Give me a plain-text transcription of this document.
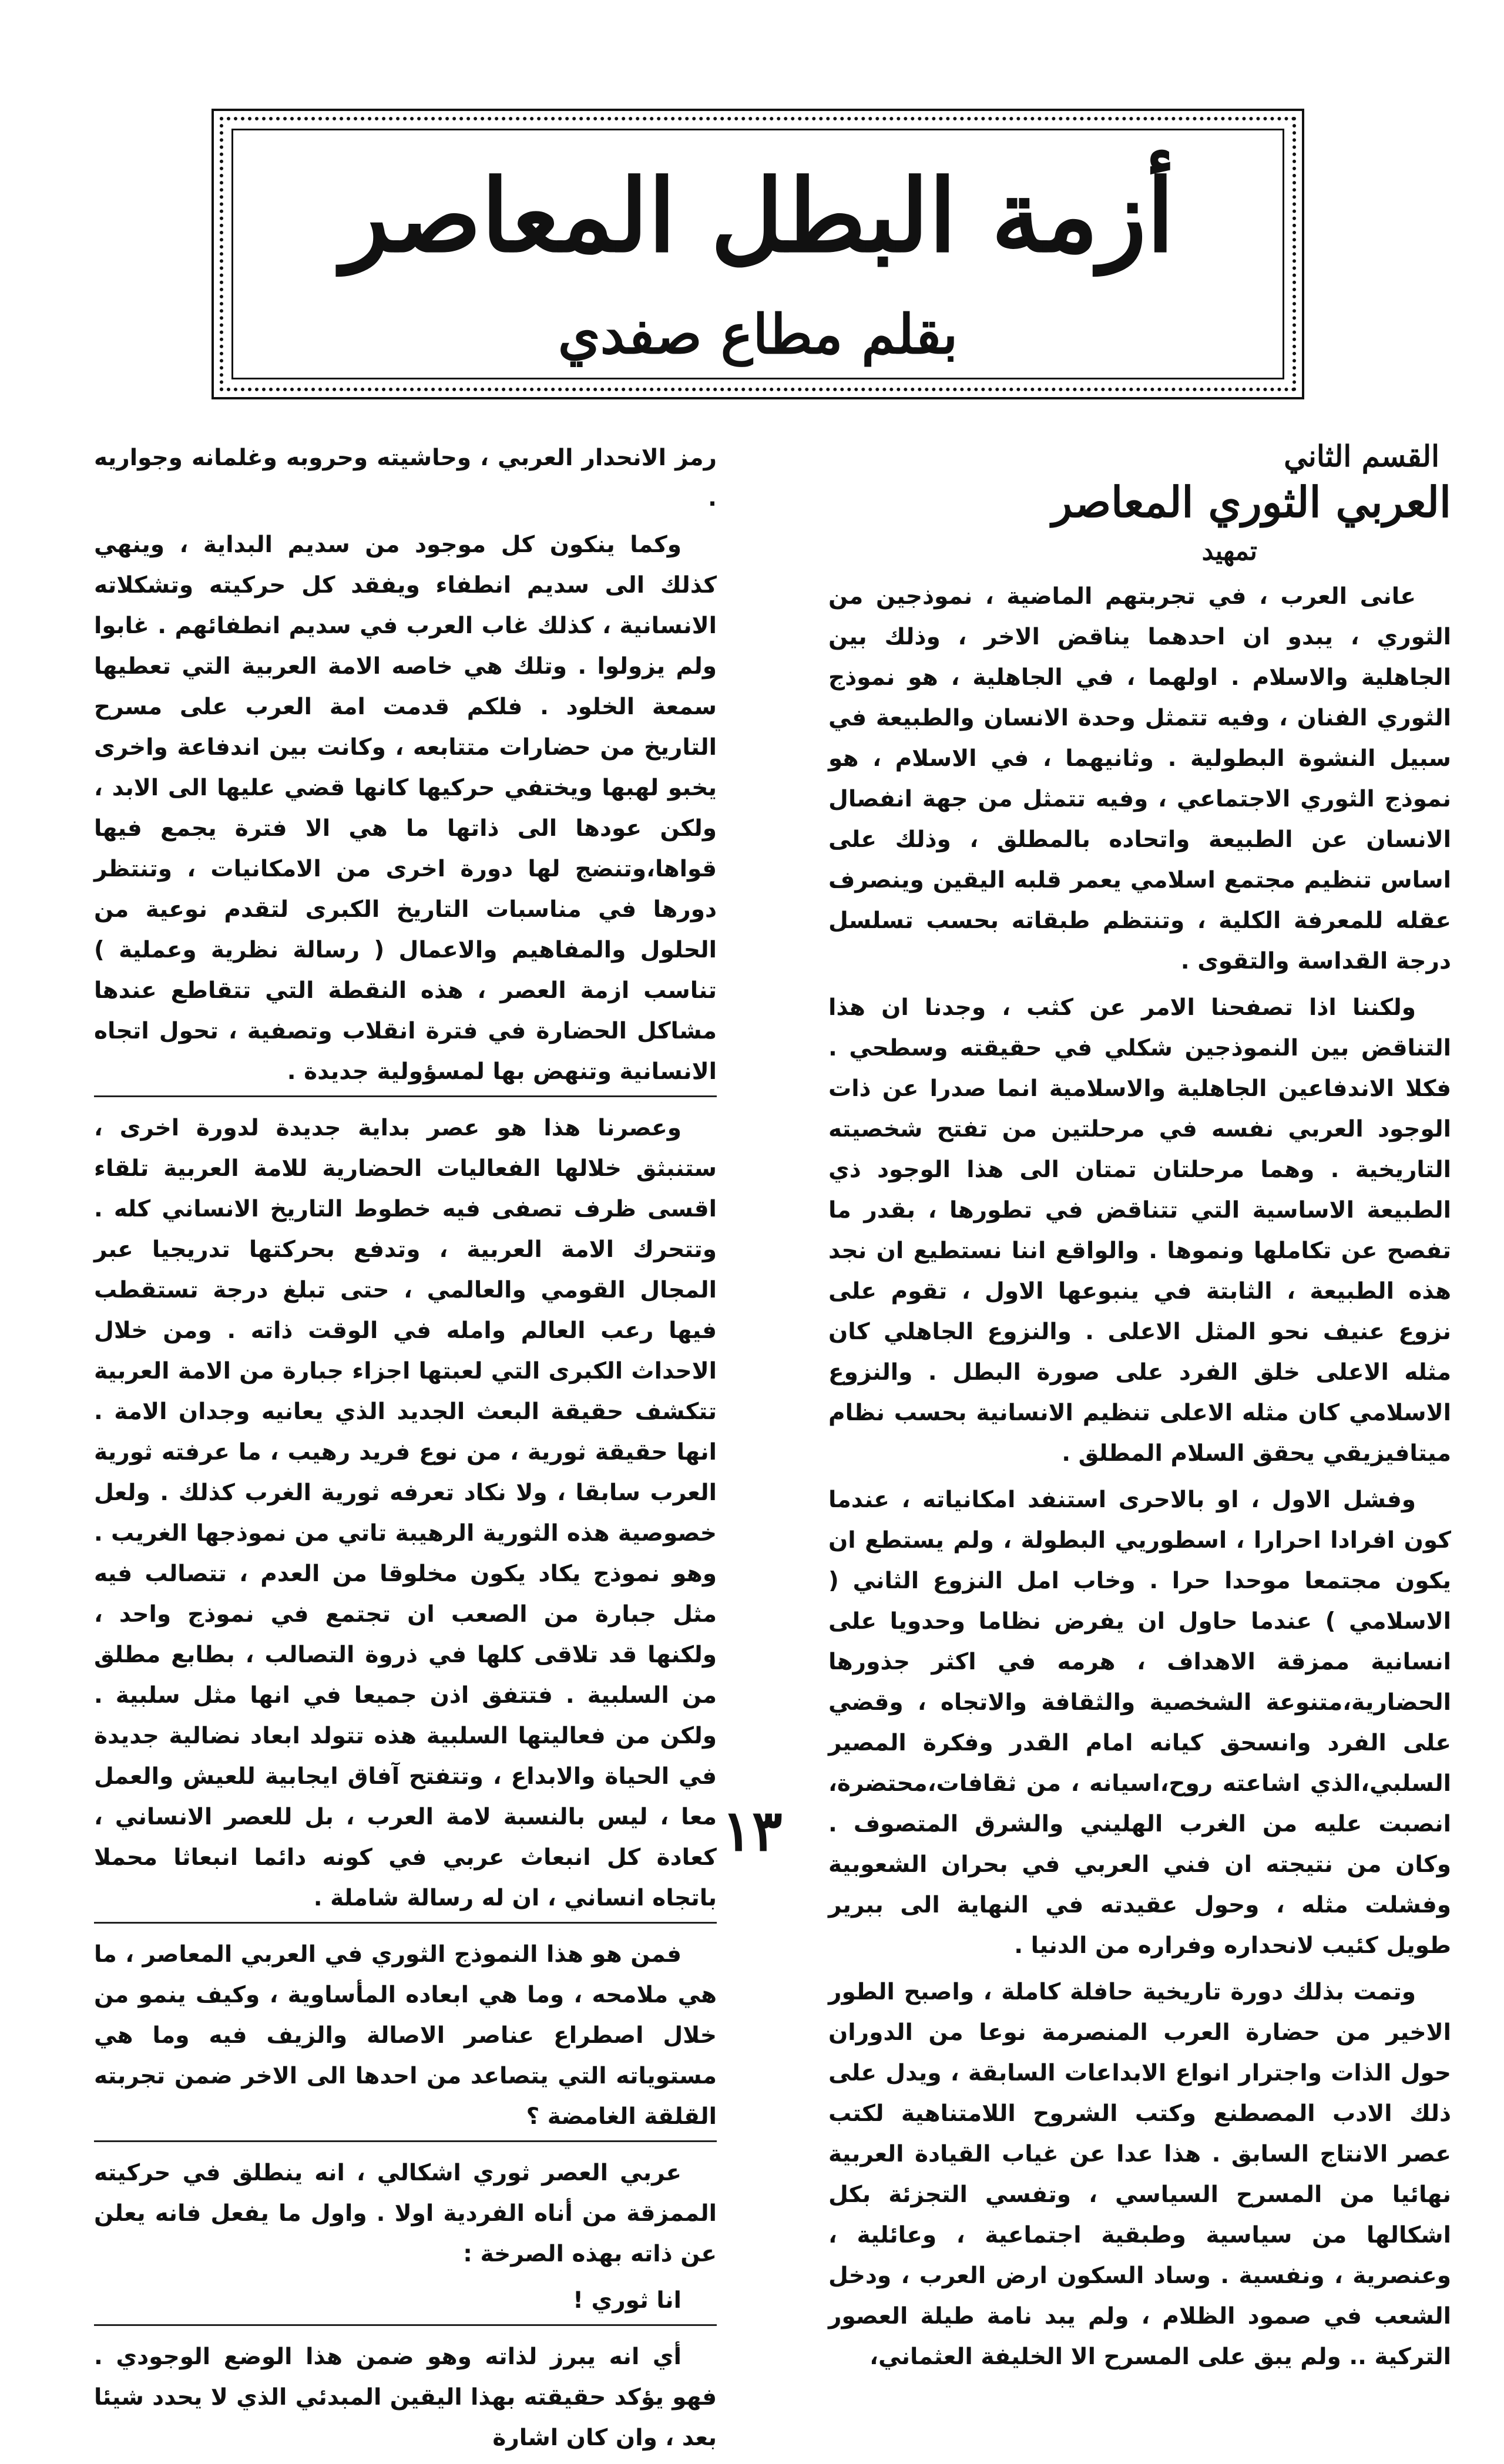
أزمة البطل المعاصر
بقلم مطاع صفدي
القسم الثاني
العربي الثوري المعاصر
تمهيد

عانى العرب ، في تجربتهم الماضية ، نموذجين من الثوري ، يبدو ان احدهما يناقض الاخر ، وذلك بين الجاهلية والاسلام . اولهما ، في الجاهلية ، هو نموذج الثوري الفنان ، وفيه تتمثل وحدة الانسان والطبيعة في سبيل النشوة البطولية . وثانيهما ، في الاسلام ، هو نموذج الثوري الاجتماعي ، وفيه تتمثل من جهة انفصال الانسان عن الطبيعة واتحاده بالمطلق ، وذلك على اساس تنظيم مجتمع اسلامي يعمر قلبه اليقين وينصرف عقله للمعرفة الكلية ، وتنتظم طبقاته بحسب تسلسل درجة القداسة والتقوى .

ولكننا اذا تصفحنا الامر عن كثب ، وجدنا ان هذا التناقض بين النموذجين شكلي في حقيقته وسطحي . فكلا الاندفاعين الجاهلية والاسلامية انما صدرا عن ذات الوجود العربي نفسه في مرحلتين من تفتح شخصيته التاريخية . وهما مرحلتان تمتان الى هذا الوجود ذي الطبيعة الاساسية التي تتناقض في تطورها ، بقدر ما تفصح عن تكاملها ونموها . والواقع اننا نستطيع ان نجد هذه الطبيعة ، الثابتة في ينبوعها الاول ، تقوم على نزوع عنيف نحو المثل الاعلى . والنزوع الجاهلي كان مثله الاعلى خلق الفرد على صورة البطل . والنزوع الاسلامي كان مثله الاعلى تنظيم الانسانية بحسب نظام ميتافيزيقي يحقق السلام المطلق .

وفشل الاول ، او بالاحرى استنفد امكانياته ، عندما كون افرادا احرارا ، اسطوريي البطولة ، ولم يستطع ان يكون مجتمعا موحدا حرا . وخاب امل النزوع الثاني ( الاسلامي ) عندما حاول ان يفرض نظاما وحدويا على انسانية ممزقة الاهداف ، هرمه في اكثر جذورها الحضارية،متنوعة الشخصية والثقافة والاتجاه ، وقضي على الفرد وانسحق كيانه امام القدر وفكرة المصير السلبي،الذي اشاعته روح،اسيانه ، من ثقافات،محتضرة، انصبت عليه من الغرب الهليني والشرق المتصوف . وكان من نتيجته ان فني العربي في بحران الشعوبية وفشلت مثله ، وحول عقيدته في النهاية الى ببرير طويل كئيب لانحداره وفراره من الدنيا .

وتمت بذلك دورة تاريخية حافلة كاملة ، واصبح الطور الاخير من حضارة العرب المنصرمة نوعا من الدوران حول الذات واجترار انواع الابداعات السابقة ، ويدل على ذلك الادب المصطنع وكتب الشروح اللامتناهية لكتب عصر الانتاج السابق . هذا عدا عن غياب القيادة العربية نهائيا من المسرح السياسي ، وتفسي التجزئة بكل اشكالها من سياسية وطبقية اجتماعية ، وعائلية ، وعنصرية ، ونفسية . وساد السكون ارض العرب ، ودخل الشعب في صمود الظلام ، ولم يبد نامة طيلة العصور التركية .. ولم يبق على المسرح الا الخليفة العثماني،

رمز الانحدار العربي ، وحاشيته وحروبه وغلمانه وجواريه .

وكما ينكون كل موجود من سديم البداية ، وينهي كذلك الى سديم انطفاء ويفقد كل حركيته وتشكلاته الانسانية ، كذلك غاب العرب في سديم انطفائهم . غابوا ولم يزولوا . وتلك هي خاصه الامة العربية التي تعطيها سمعة الخلود . فلكم قدمت امة العرب على مسرح التاريخ من حضارات متتابعه ، وكانت بين اندفاعة واخرى يخبو لهبها ويختفي حركيها كانها قضي عليها الى الابد ، ولكن عودها الى ذاتها ما هي الا فترة يجمع فيها قواها،وتنضج لها دورة اخرى من الامكانيات ، وتنتظر دورها في مناسبات التاريخ الكبرى لتقدم نوعية من الحلول والمفاهيم والاعمال ( رسالة نظرية وعملية ) تناسب ازمة العصر ، هذه النقطة التي تتقاطع عندها مشاكل الحضارة في فترة انقلاب وتصفية ، تحول اتجاه الانسانية وتنهض بها لمسؤولية جديدة .

وعصرنا هذا هو عصر بداية جديدة لدورة اخرى ، ستنبثق خلالها الفعاليات الحضارية للامة العربية تلقاء اقسى ظرف تصفى فيه خطوط التاريخ الانساني كله . وتتحرك الامة العربية ، وتدفع بحركتها تدريجيا عبر المجال القومي والعالمي ، حتى تبلغ درجة تستقطب فيها رعب العالم وامله في الوقت ذاته . ومن خلال الاحداث الكبرى التي لعبتها اجزاء جبارة من الامة العربية تتكشف حقيقة البعث الجديد الذي يعانيه وجدان الامة . انها حقيقة ثورية ، من نوع فريد رهيب ، ما عرفته ثورية العرب سابقا ، ولا نكاد تعرفه ثورية الغرب كذلك . ولعل خصوصية هذه الثورية الرهيبة تاتي من نموذجها الغريب . وهو نموذج يكاد يكون مخلوقا من العدم ، تتصالب فيه مثل جبارة من الصعب ان تجتمع في نموذج واحد ، ولكنها قد تلاقى كلها في ذروة التصالب ، بطابع مطلق من السلبية . فتتفق اذن جميعا في انها مثل سلبية . ولكن من فعاليتها السلبية هذه تتولد ابعاد نضالية جديدة في الحياة والابداع ، وتتفتح آفاق ايجابية للعيش والعمل معا ، ليس بالنسبة لامة العرب ، بل للعصر الانساني ، كعادة كل انبعاث عربي في كونه دائما انبعاثا محملا باتجاه انساني ، ان له رسالة شاملة .

فمن هو هذا النموذج الثوري في العربي المعاصر ، ما هي ملامحه ، وما هي ابعاده المأساوية ، وكيف ينمو من خلال اصطراع عناصر الاصالة والزيف فيه وما هي مستوياته التي يتصاعد من احدها الى الاخر ضمن تجربته القلقة الغامضة ؟

عربي العصر ثوري اشكالي ، انه ينطلق في حركيته الممزقة من أناه الفردية اولا . واول ما يفعل فانه يعلن عن ذاته بهذه الصرخة :

انا ثوري !

أي انه يبرز لذاته وهو ضمن هذا الوضع الوجودي . فهو يؤكد حقيقته بهذا اليقين المبدئي الذي لا يحدد شيئا بعد ، وان كان اشارة

١٣
